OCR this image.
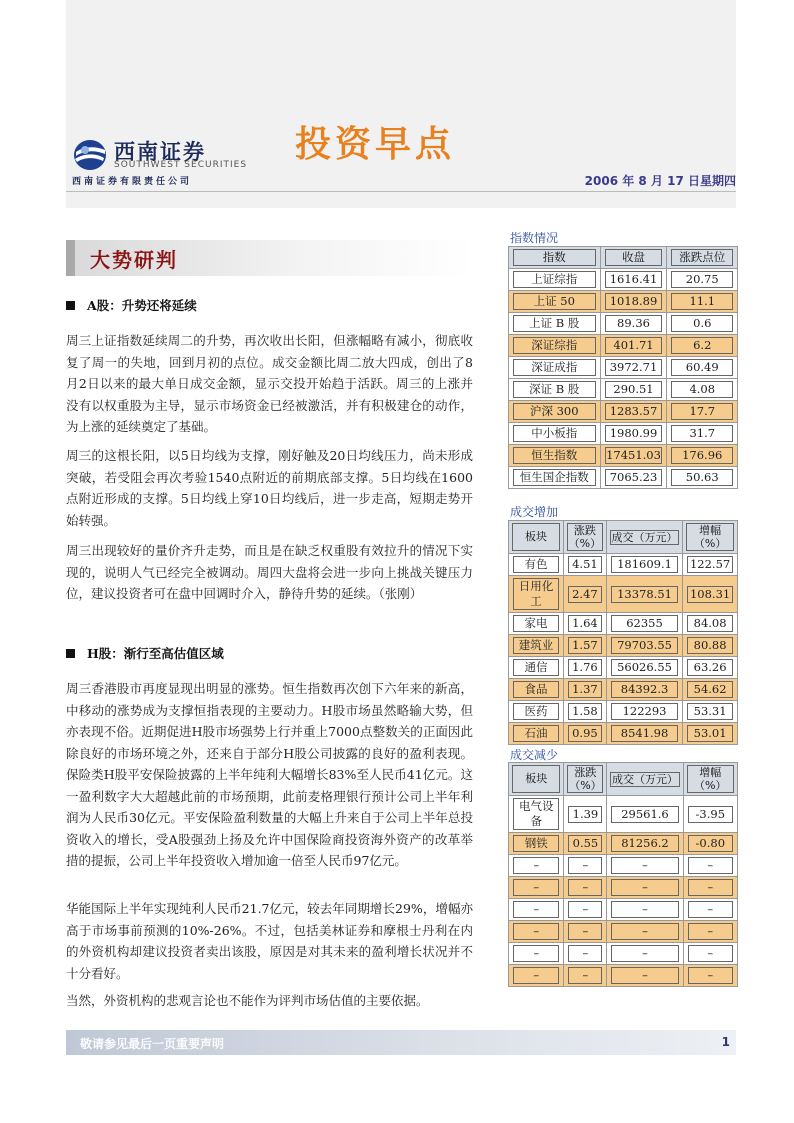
西南证券
SOUTHWEST SECURITIES
西南证券有限责任公司
投资早点
2006 年 8 月 17 日星期四
大势研判
A股：升势还将延续
周三上证指数延续周二的升势，再次收出长阳，但涨幅略有减小，彻底收复了周一的失地，回到月初的点位。成交金额比周二放大四成，创出了8月2日以来的最大单日成交金额，显示交投开始趋于活跃。周三的上涨并没有以权重股为主导，显示市场资金已经被激活，并有积极建仓的动作，为上涨的延续奠定了基础。
周三的这根长阳，以5日均线为支撑，刚好触及20日均线压力，尚未形成突破，若受阻会再次考验1540点附近的前期底部支撑。5日均线在1600点附近形成的支撑。5日均线上穿10日均线后，进一步走高，短期走势开始转强。
周三出现较好的量价齐升走势，而且是在缺乏权重股有效拉升的情况下实现的，说明人气已经完全被调动。周四大盘将会进一步向上挑战关键压力位，建议投资者可在盘中回调时介入，静待升势的延续。（张刚）
H股：渐行至高估值区域
周三香港股市再度显现出明显的涨势。恒生指数再次创下六年来的新高，中移动的涨势成为支撑恒指表现的主要动力。H股市场虽然略输大势，但亦表现不俗。近期促进H股市场强势上行并重上7000点整数关的正面因此除良好的市场环境之外，还来自于部分H股公司披露的良好的盈利表现。保险类H股平安保险披露的上半年纯利大幅增长83%至人民币41亿元。这一盈利数字大大超越此前的市场预期，此前麦格理银行预计公司上半年利润为人民币30亿元。平安保险盈利数量的大幅上升来自于公司上半年总投资收入的增长，受A股强劲上扬及允许中国保险商投资海外资产的改革举措的提振，公司上半年投资收入增加逾一倍至人民币97亿元。
华能国际上半年实现纯利人民币21.7亿元，较去年同期增长29%，增幅亦高于市场事前预测的10%-26%。不过，包括美林证券和摩根士丹利在内的外资机构却建议投资者卖出该股，原因是对其未来的盈利增长状况并不十分看好。
当然，外资机构的悲观言论也不能作为评判市场估值的主要依据。
指数情况
指数	收盘	涨跌点位

上证综指	1616.41	20.75

上证 50	1018.89	11.1

上证 B 股	89.36	0.6

深证综指	401.71	6.2

深证成指	3972.71	60.49

深证 B 股	290.51	4.08

沪深 300	1283.57	17.7

中小板指	1980.99	31.7

恒生指数	17451.03	176.96

恒生国企指数	7065.23	50.63
成交增加
板块	涨跌（%）	成交（万元）	增幅（%）

有色	4.51	181609.1	122.57

日用化工	2.47	13378.51	108.31

家电	1.64	62355	84.08

建筑业	1.57	79703.55	80.88

通信	1.76	56026.55	63.26

食品	1.37	84392.3	54.62

医药	1.58	122293	53.31

石油	0.95	8541.98	53.01
成交减少
板块	涨跌（%）	成交（万元）	增幅（%）

电气设备	1.39	29561.6	-3.95

钢铁	0.55	81256.2	-0.80

–	–	–	–

–	–	–	–

–	–	–	–

–	–	–	–

–	–	–	–

–	–	–	–
敬请参见最后一页重要声明	1
